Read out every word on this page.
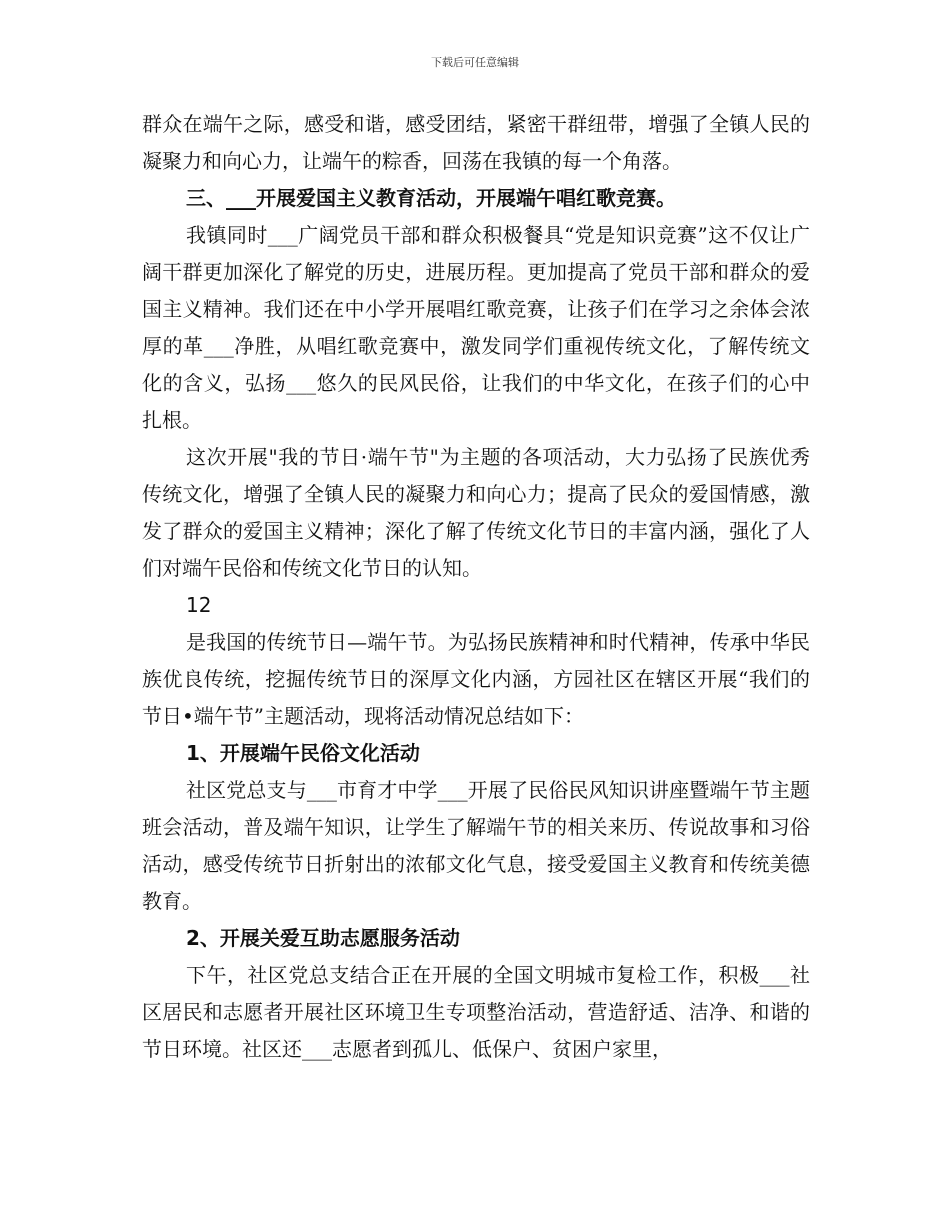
下载后可任意编辑

群众在端午之际，感受和谐，感受团结，紧密干群纽带，增强了全镇人民的凝聚力和向心力，让端午的粽香，回荡在我镇的每一个角落。

三、___开展爱国主义教育活动，开展端午唱红歌竞赛。

我镇同时___广阔党员干部和群众积极餐具“党是知识竞赛”这不仅让广阔干群更加深化了解党的历史，进展历程。更加提高了党员干部和群众的爱国主义精神。我们还在中小学开展唱红歌竞赛，让孩子们在学习之余体会浓厚的革___净胜，从唱红歌竞赛中，激发同学们重视传统文化，了解传统文化的含义，弘扬___悠久的民风民俗，让我们的中华文化，在孩子们的心中扎根。

这次开展"我的节日·端午节"为主题的各项活动，大力弘扬了民族优秀传统文化，增强了全镇人民的凝聚力和向心力；提高了民众的爱国情感，激发了群众的爱国主义精神；深化了解了传统文化节日的丰富内涵，强化了人们对端午民俗和传统文化节日的认知。

12

是我国的传统节日—端午节。为弘扬民族精神和时代精神，传承中华民族优良传统，挖掘传统节日的深厚文化内涵，方园社区在辖区开展“我们的节日•端午节”主题活动，现将活动情况总结如下：

1、开展端午民俗文化活动

社区党总支与___市育才中学___开展了民俗民风知识讲座暨端午节主题班会活动，普及端午知识，让学生了解端午节的相关来历、传说故事和习俗活动，感受传统节日折射出的浓郁文化气息，接受爱国主义教育和传统美德教育。

2、开展关爱互助志愿服务活动

下午，社区党总支结合正在开展的全国文明城市复检工作，积极___社区居民和志愿者开展社区环境卫生专项整治活动，营造舒适、洁净、和谐的节日环境。社区还___志愿者到孤儿、低保户、贫困户家里，
